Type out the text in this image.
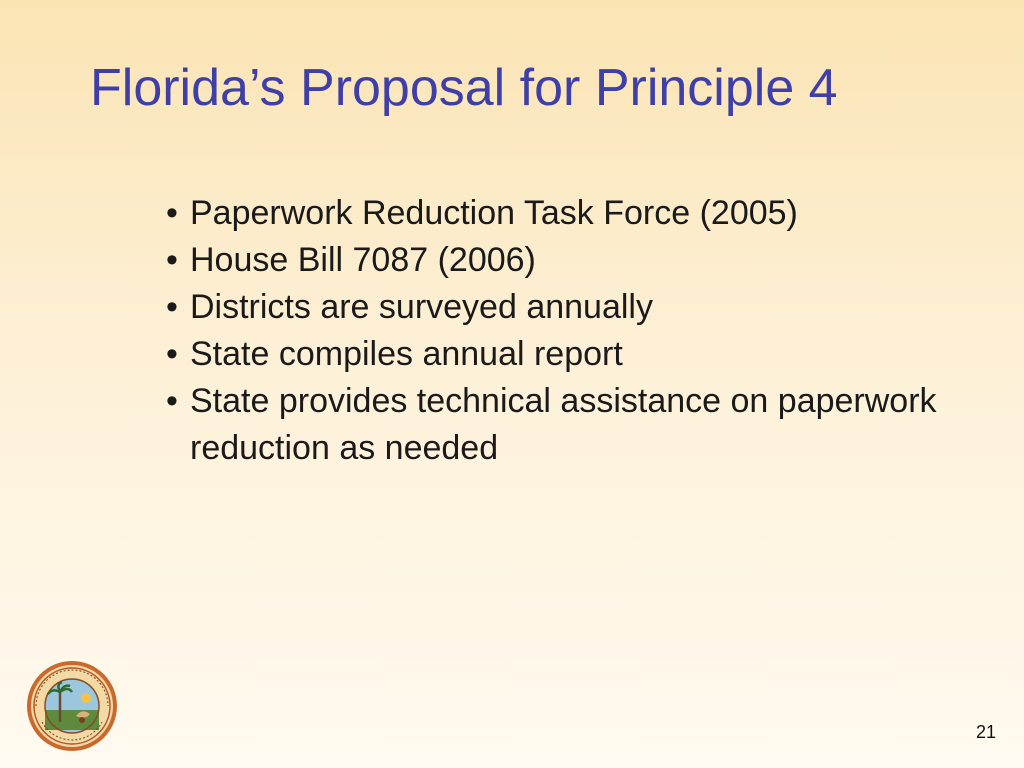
Florida’s Proposal for Principle 4
• Paperwork Reduction Task Force (2005)
• House Bill 7087 (2006)
• Districts are surveyed annually
• State compiles annual report
• State provides technical assistance on paperwork reduction as needed
21
